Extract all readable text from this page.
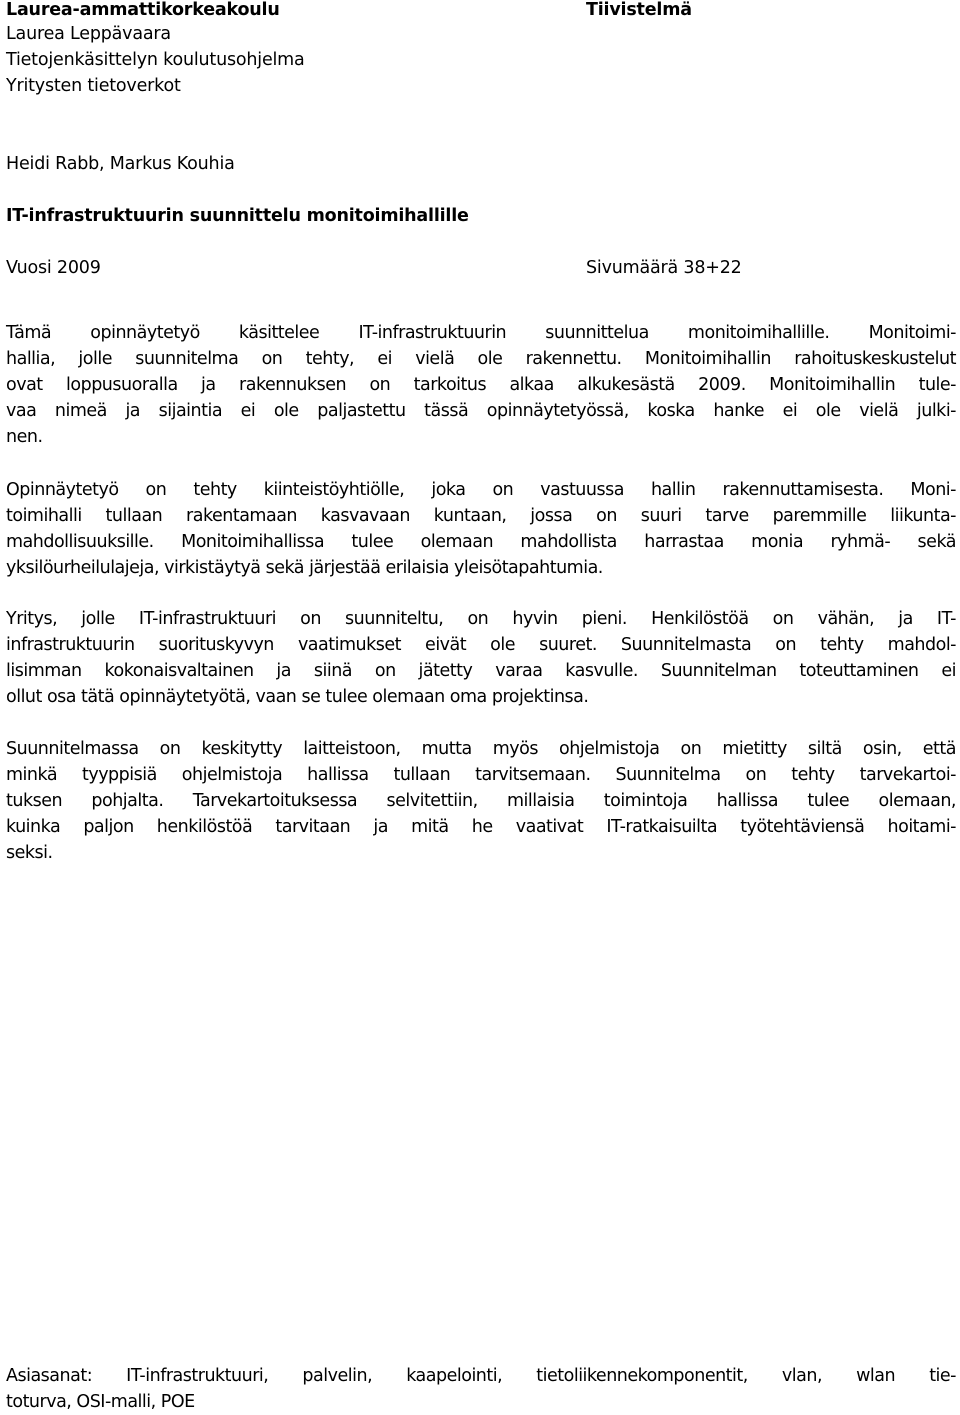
Laurea-ammattikorkeakoulu	Tiivistelmä
Laurea Leppävaara
Tietojenkäsittelyn koulutusohjelma
Yritysten tietoverkot
Heidi Rabb, Markus Kouhia
IT-infrastruktuurin suunnittelu monitoimihallille
Vuosi 2009	Sivumäärä 38+22
Tämä opinnäytetyö käsittelee IT-infrastruktuurin suunnittelua monitoimihallille. Monitoimi-
hallia, jolle suunnitelma on tehty, ei vielä ole rakennettu. Monitoimihallin rahoituskeskustelut
ovat loppusuoralla ja rakennuksen on tarkoitus alkaa alkukesästä 2009. Monitoimihallin tule-
vaa nimeä ja sijaintia ei ole paljastettu tässä opinnäytetyössä, koska hanke ei ole vielä julki-
nen.
Opinnäytetyö on tehty kiinteistöyhtiölle, joka on vastuussa hallin rakennuttamisesta. Moni-
toimihalli tullaan rakentamaan kasvavaan kuntaan, jossa on suuri tarve paremmille liikunta-
mahdollisuuksille. Monitoimihallissa tulee olemaan mahdollista harrastaa monia ryhmä- sekä
yksilöurheilulajeja, virkistäytyä sekä järjestää erilaisia yleisötapahtumia.
Yritys, jolle IT-infrastruktuuri on suunniteltu, on hyvin pieni. Henkilöstöä on vähän, ja IT-
infrastruktuurin suorituskyvyn vaatimukset eivät ole suuret. Suunnitelmasta on tehty mahdol-
lisimman kokonaisvaltainen ja siinä on jätetty varaa kasvulle. Suunnitelman toteuttaminen ei
ollut osa tätä opinnäytetyötä, vaan se tulee olemaan oma projektinsa.
Suunnitelmassa on keskitytty laitteistoon, mutta myös ohjelmistoja on mietitty siltä osin, että
minkä tyyppisiä ohjelmistoja hallissa tullaan tarvitsemaan. Suunnitelma on tehty tarvekartoi-
tuksen pohjalta. Tarvekartoituksessa selvitettiin, millaisia toimintoja hallissa tulee olemaan,
kuinka paljon henkilöstöä tarvitaan ja mitä he vaativat IT-ratkaisuilta työtehtäviensä hoitami-
seksi.
Asiasanat: IT-infrastruktuuri, palvelin, kaapelointi, tietoliikennekomponentit, vlan, wlan tie-
toturva, OSI-malli, POE
